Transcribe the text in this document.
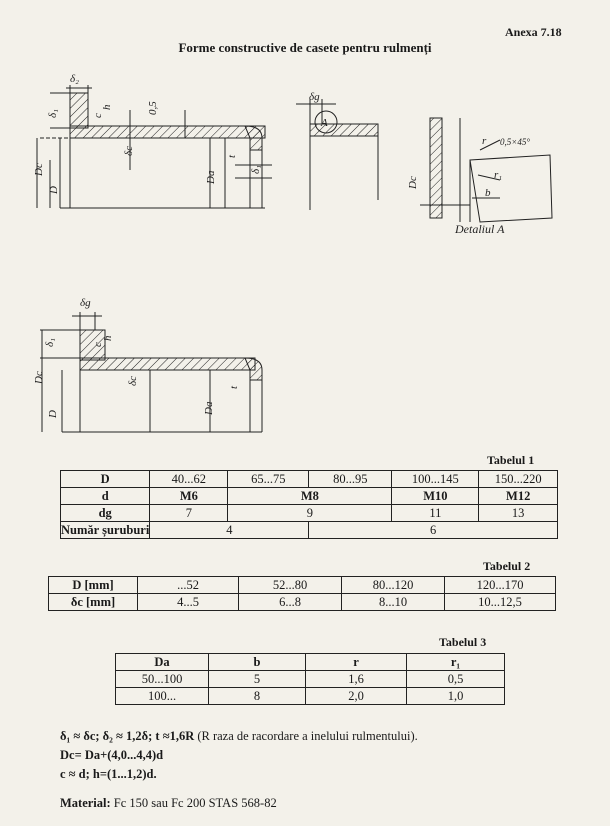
Anexa 7.18
Forme constructive de casete pentru rulmenți
δ₂
δ₁	c
h	0,5
δc
Dc
D
Da
t
δ₁
δg
A
r 0,5×45°
r₁
b
Dc
Detaliul A
δg
δ₁	c
h
δc
Dc
D	Da
t
Tabelul 1
D	40...62	65...75	80...95	100...145	150...220
d	M6	M8		M10	M12
dg	7	9		11	13
Număr șuruburi	4		6		
Tabelul 2
D [mm]	...52	52...80	80...120	120...170
δc [mm]	4...5	6...8	8...10	10...12,5
Tabelul 3
Da	b	r	r₁
50...100	5	1,6	0,5
100...	8	2,0	1,0
δ₁ ≈ δc; δ₂ ≈ 1,2δ; t ≈1,6R (R raza de racordare a inelului rulmentului).
Dc= Da+(4,0...4,4)d
c ≈ d; h=(1...1,2)d.
Material: Fc 150 sau Fc 200 STAS 568-82
